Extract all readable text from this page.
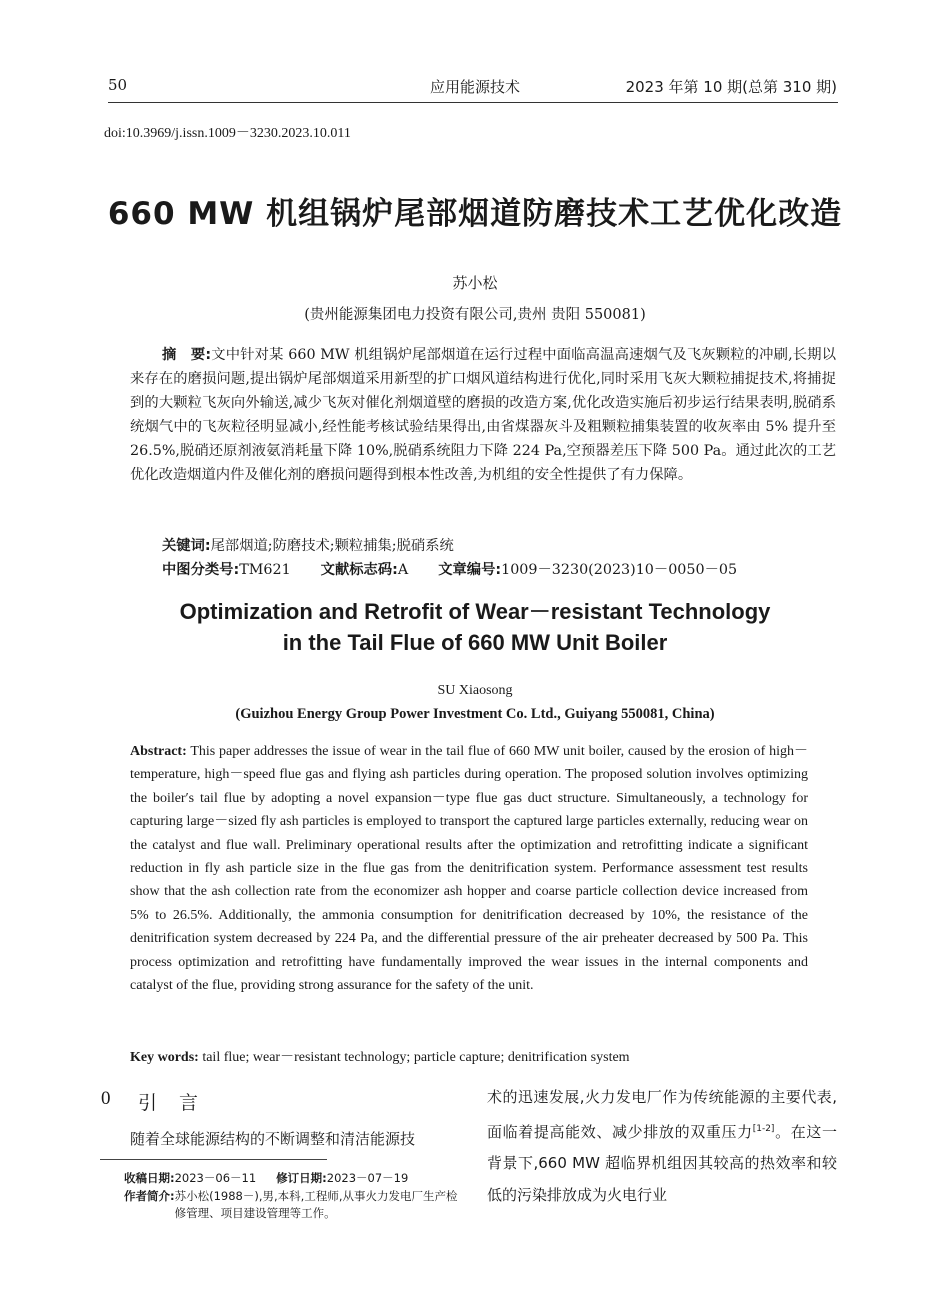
50	应用能源技术	2023 年第 10 期(总第 310 期)
doi:10.3969/j.issn.1009－3230.2023.10.011
660 MW 机组锅炉尾部烟道防磨技术工艺优化改造
苏小松
(贵州能源集团电力投资有限公司,贵州 贵阳 550081)
摘　要:文中针对某 660 MW 机组锅炉尾部烟道在运行过程中面临高温高速烟气及飞灰颗粒的冲刷,长期以来存在的磨损问题,提出锅炉尾部烟道采用新型的扩口烟风道结构进行优化,同时采用飞灰大颗粒捕捉技术,将捕捉到的大颗粒飞灰向外输送,减少飞灰对催化剂烟道壁的磨损的改造方案,优化改造实施后初步运行结果表明,脱硝系统烟气中的飞灰粒径明显减小,经性能考核试验结果得出,由省煤器灰斗及粗颗粒捕集装置的收灰率由 5% 提升至 26.5%,脱硝还原剂液氨消耗量下降 10%,脱硝系统阻力下降 224 Pa,空预器差压下降 500 Pa。通过此次的工艺优化改造烟道内件及催化剂的磨损问题得到根本性改善,为机组的安全性提供了有力保障。
关键词:尾部烟道;防磨技术;颗粒捕集;脱硝系统
中图分类号:TM621 文献标志码:A 文章编号:1009－3230(2023)10－0050－05
Optimization and Retrofit of Wear－resistant Technology
in the Tail Flue of 660 MW Unit Boiler
SU Xiaosong
(Guizhou Energy Group Power Investment Co. Ltd., Guiyang 550081, China)
Abstract: This paper addresses the issue of wear in the tail flue of 660 MW unit boiler, caused by the erosion of high－temperature, high－speed flue gas and flying ash particles during operation. The proposed solution involves optimizing the boiler′s tail flue by adopting a novel expansion－type flue gas duct structure. Simultaneously, a technology for capturing large－sized fly ash particles is employed to transport the captured large particles externally, reducing wear on the catalyst and flue wall. Preliminary operational results after the optimization and retrofitting indicate a significant reduction in fly ash particle size in the flue gas from the denitrification system. Performance assessment test results show that the ash collection rate from the economizer ash hopper and coarse particle collection device increased from 5% to 26.5%. Additionally, the ammonia consumption for denitrification decreased by 10%, the resistance of the denitrification system decreased by 224 Pa, and the differential pressure of the air preheater decreased by 500 Pa. This process optimization and retrofitting have fundamentally improved the wear issues in the internal components and catalyst of the flue, providing strong assurance for the safety of the unit.
Key words: tail flue; wear－resistant technology; particle capture; denitrification system
0 引言
随着全球能源结构的不断调整和清洁能源技
术的迅速发展,火力发电厂作为传统能源的主要代表,面临着提高能效、减少排放的双重压力[1-2]。在这一背景下,660 MW 超临界机组因其较高的热效率和较低的污染排放成为火电行业
收稿日期:2023－06－11 修订日期:2023－07－19
作者简介: 苏小松(1988－),男,本科,工程师,从事火力发电厂生产检修管理、项目建设管理等工作。
